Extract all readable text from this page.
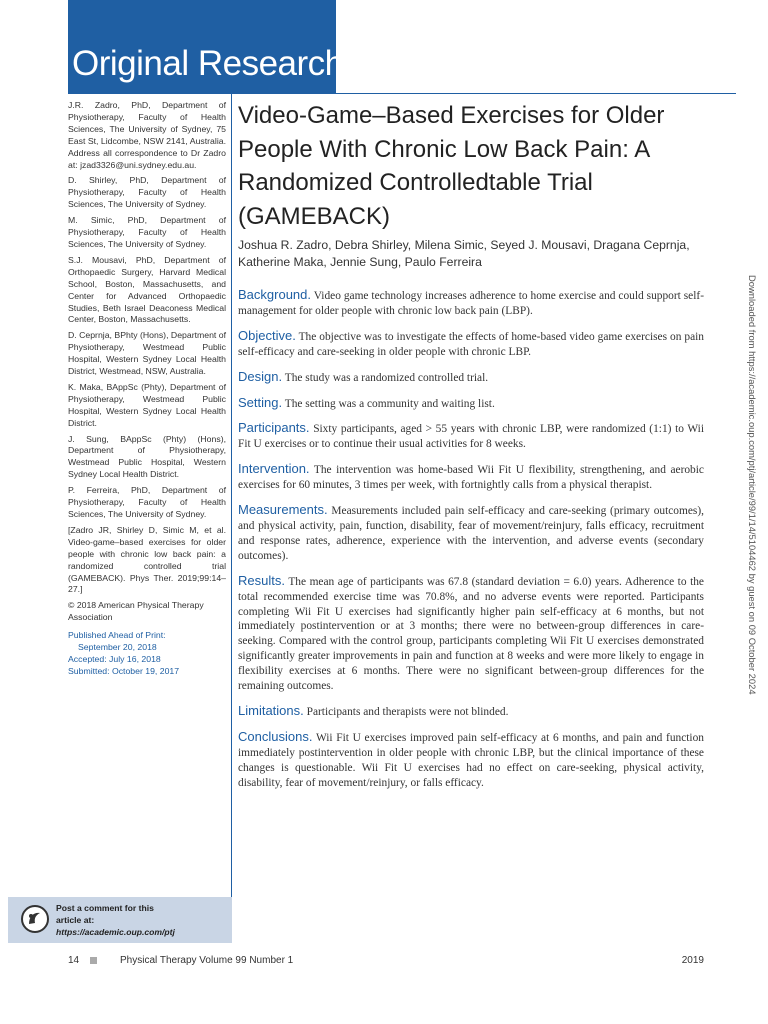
Original Research

J.R. Zadro, PhD, Department of Physiotherapy, Faculty of Health Sciences, The University of Sydney, 75 East St, Lidcombe, NSW 2141, Australia. Address all correspondence to Dr Zadro at: jzad3326@uni.sydney.edu.au.

D. Shirley, PhD, Department of Physiotherapy, Faculty of Health Sciences, The University of Sydney.

M. Simic, PhD, Department of Physiotherapy, Faculty of Health Sciences, The University of Sydney.

S.J. Mousavi, PhD, Department of Orthopaedic Surgery, Harvard Medical School, Boston, Massachusetts, and Center for Advanced Orthopaedic Studies, Beth Israel Deaconess Medical Center, Boston, Massachusetts.

D. Ceprnja, BPhty (Hons), Department of Physiotherapy, Westmead Public Hospital, Western Sydney Local Health District, Westmead, NSW, Australia.

K. Maka, BAppSc (Phty), Department of Physiotherapy, Westmead Public Hospital, Western Sydney Local Health District.

J. Sung, BAppSc (Phty) (Hons), Department of Physiotherapy, Westmead Public Hospital, Western Sydney Local Health District.

P. Ferreira, PhD, Department of Physiotherapy, Faculty of Health Sciences, The University of Sydney.

[Zadro JR, Shirley D, Simic M, et al. Video-game–based exercises for older people with chronic low back pain: a randomized controlled trial (GAMEBACK). Phys Ther. 2019;99:14–27.]

© 2018 American Physical Therapy Association

Published Ahead of Print:

September 20, 2018

Accepted: July 16, 2018

Submitted: October 19, 2017

Video-Game–Based Exercises for Older People With Chronic Low Back Pain: A Randomized Controlledtable Trial (GAMEBACK)
Joshua R. Zadro, Debra Shirley, Milena Simic, Seyed J. Mousavi, Dragana Ceprnja, Katherine Maka, Jennie Sung, Paulo Ferreira

Background. Video game technology increases adherence to home exercise and could support self-management for older people with chronic low back pain (LBP).

Objective. The objective was to investigate the effects of home-based video game exercises on pain self-efficacy and care-seeking in older people with chronic LBP.

Design. The study was a randomized controlled trial.

Setting. The setting was a community and waiting list.

Participants. Sixty participants, aged > 55 years with chronic LBP, were randomized (1:1) to Wii Fit U exercises or to continue their usual activities for 8 weeks.

Intervention. The intervention was home-based Wii Fit U flexibility, strengthening, and aerobic exercises for 60 minutes, 3 times per week, with fortnightly calls from a physical therapist.

Measurements. Measurements included pain self-efficacy and care-seeking (primary outcomes), and physical activity, pain, function, disability, fear of movement/reinjury, falls efficacy, recruitment and response rates, adherence, experience with the intervention, and adverse events (secondary outcomes).

Results. The mean age of participants was 67.8 (standard deviation = 6.0) years. Adherence to the total recommended exercise time was 70.8%, and no adverse events were reported. Participants completing Wii Fit U exercises had significantly higher pain self-efficacy at 6 months, but not immediately postintervention or at 3 months; there were no between-group differences in care-seeking. Compared with the control group, participants completing Wii Fit U exercises demonstrated significantly greater improvements in pain and function at 8 weeks and were more likely to engage in flexibility exercises at 6 months. There were no significant between-group differences for the remaining outcomes.

Limitations. Participants and therapists were not blinded.

Conclusions. Wii Fit U exercises improved pain self-efficacy at 6 months, and pain and function immediately postintervention in older people with chronic LBP, but the clinical importance of these changes is questionable. Wii Fit U exercises had no effect on care-seeking, physical activity, disability, fear of movement/reinjury, or falls efficacy.

Downloaded from https://academic.oup.com/ptj/article/99/1/14/5104462 by guest on 09 October 2024
Post a comment for this
article at:
https://academic.oup.com/ptj
14	Physical Therapy Volume 99 Number 1	2019
